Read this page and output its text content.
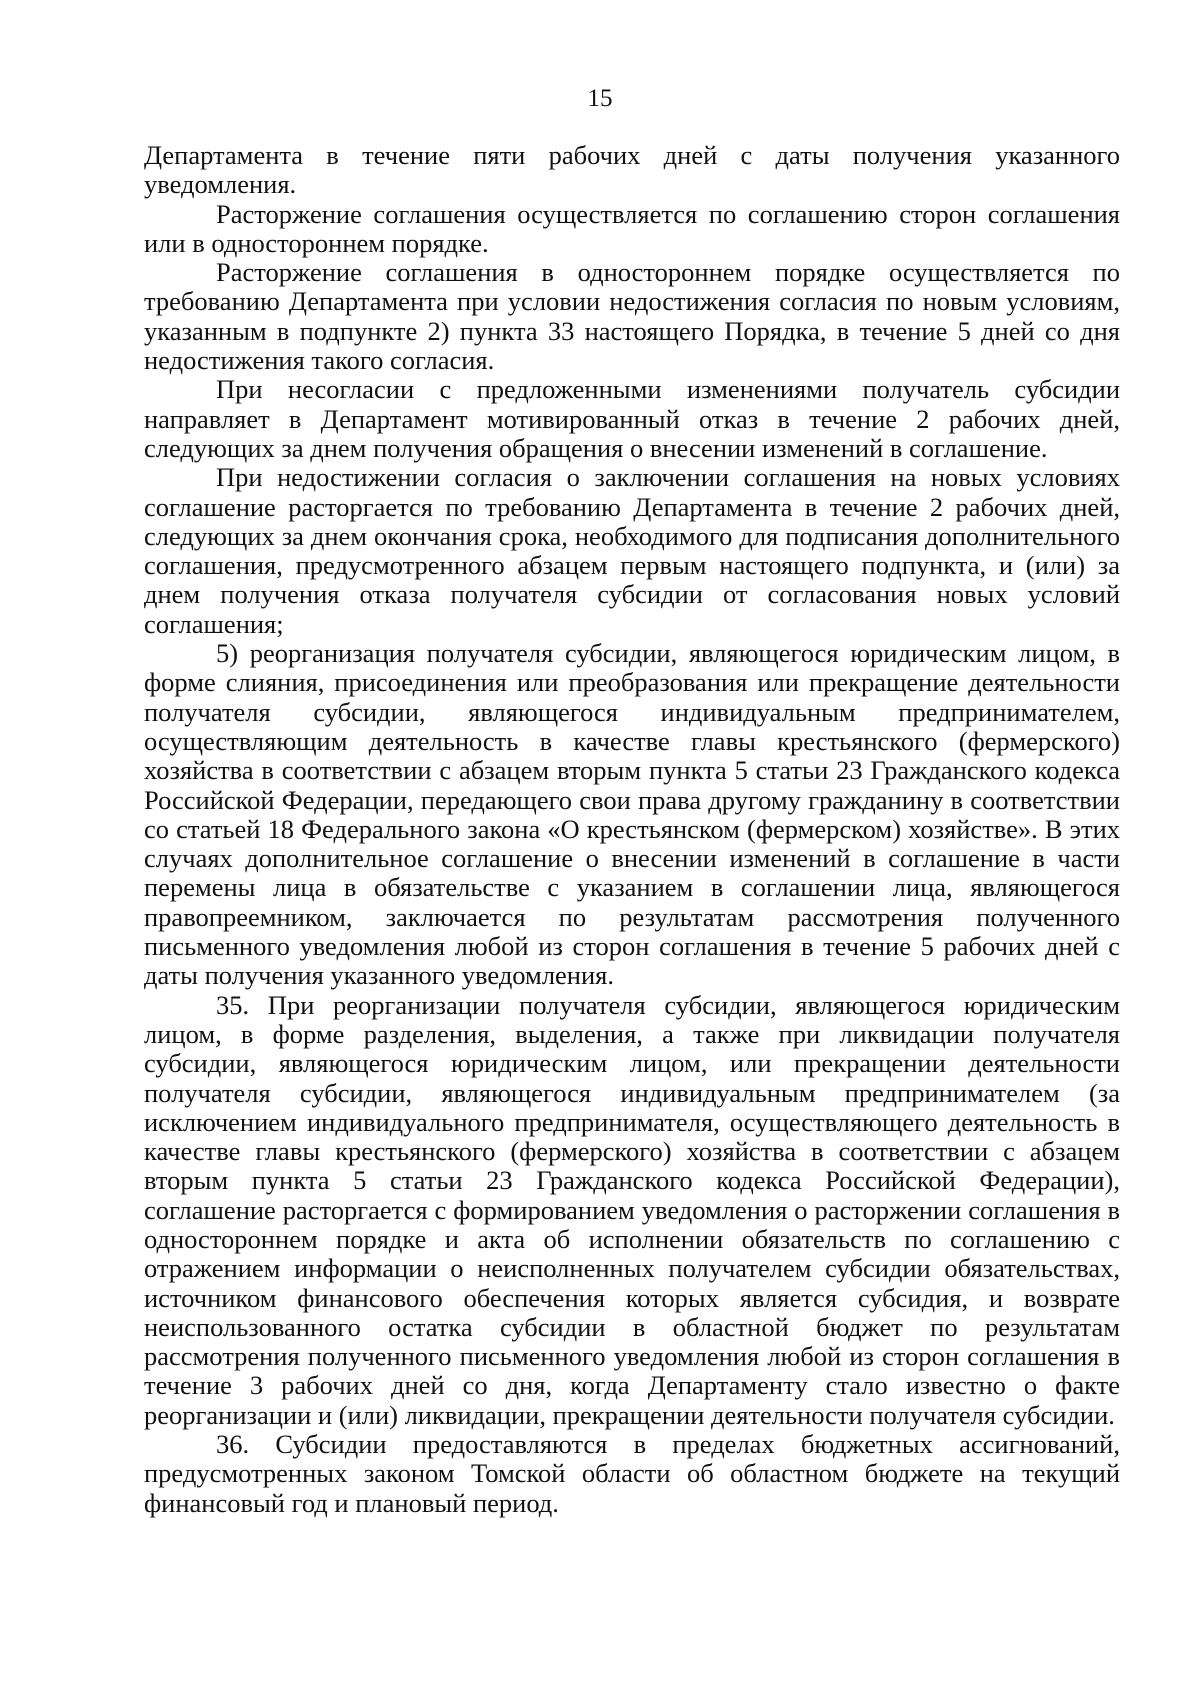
15

Департамента в течение пяти рабочих дней с даты получения указанного уведомления.

Расторжение соглашения осуществляется по соглашению сторон соглашения или в одностороннем порядке.

Расторжение соглашения в одностороннем порядке осуществляется по требованию Департамента при условии недостижения согласия по новым условиям, указанным в подпункте 2) пункта 33 настоящего Порядка, в течение 5 дней со дня недостижения такого согласия.

При несогласии с предложенными изменениями получатель субсидии направляет в Департамент мотивированный отказ в течение 2 рабочих дней, следующих за днем получения обращения о внесении изменений в соглашение.

При недостижении согласия о заключении соглашения на новых условиях соглашение расторгается по требованию Департамента в течение 2 рабочих дней, следующих за днем окончания срока, необходимого для подписания дополнительного соглашения, предусмотренного абзацем первым настоящего подпункта, и (или) за днем получения отказа получателя субсидии от согласования новых условий соглашения;

5) реорганизация получателя субсидии, являющегося юридическим лицом, в форме слияния, присоединения или преобразования или прекращение деятельности получателя субсидии, являющегося индивидуальным предпринимателем, осуществляющим деятельность в качестве главы крестьянского (фермерского) хозяйства в соответствии с абзацем вторым пункта 5 статьи 23 Гражданского кодекса Российской Федерации, передающего свои права другому гражданину в соответствии со статьей 18 Федерального закона «О крестьянском (фермерском) хозяйстве». В этих случаях дополнительное соглашение о внесении изменений в соглашение в части перемены лица в обязательстве с указанием в соглашении лица, являющегося правопреемником, заключается по результатам рассмотрения полученного письменного уведомления любой из сторон соглашения в течение 5 рабочих дней с даты получения указанного уведомления.

35. При реорганизации получателя субсидии, являющегося юридическим лицом, в форме разделения, выделения, а также при ликвидации получателя субсидии, являющегося юридическим лицом, или прекращении деятельности получателя субсидии, являющегося индивидуальным предпринимателем (за исключением индивидуального предпринимателя, осуществляющего деятельность в качестве главы крестьянского (фермерского) хозяйства в соответствии с абзацем вторым пункта 5 статьи 23 Гражданского кодекса Российской Федерации), соглашение расторгается с формированием уведомления о расторжении соглашения в одностороннем порядке и акта об исполнении обязательств по соглашению с отражением информации о неисполненных получателем субсидии обязательствах, источником финансового обеспечения которых является субсидия, и возврате неиспользованного остатка субсидии в областной бюджет по результатам рассмотрения полученного письменного уведомления любой из сторон соглашения в течение 3 рабочих дней со дня, когда Департаменту стало известно о факте реорганизации и (или) ликвидации, прекращении деятельности получателя субсидии.

36. Субсидии предоставляются в пределах бюджетных ассигнований, предусмотренных законом Томской области об областном бюджете на текущий финансовый год и плановый период.
